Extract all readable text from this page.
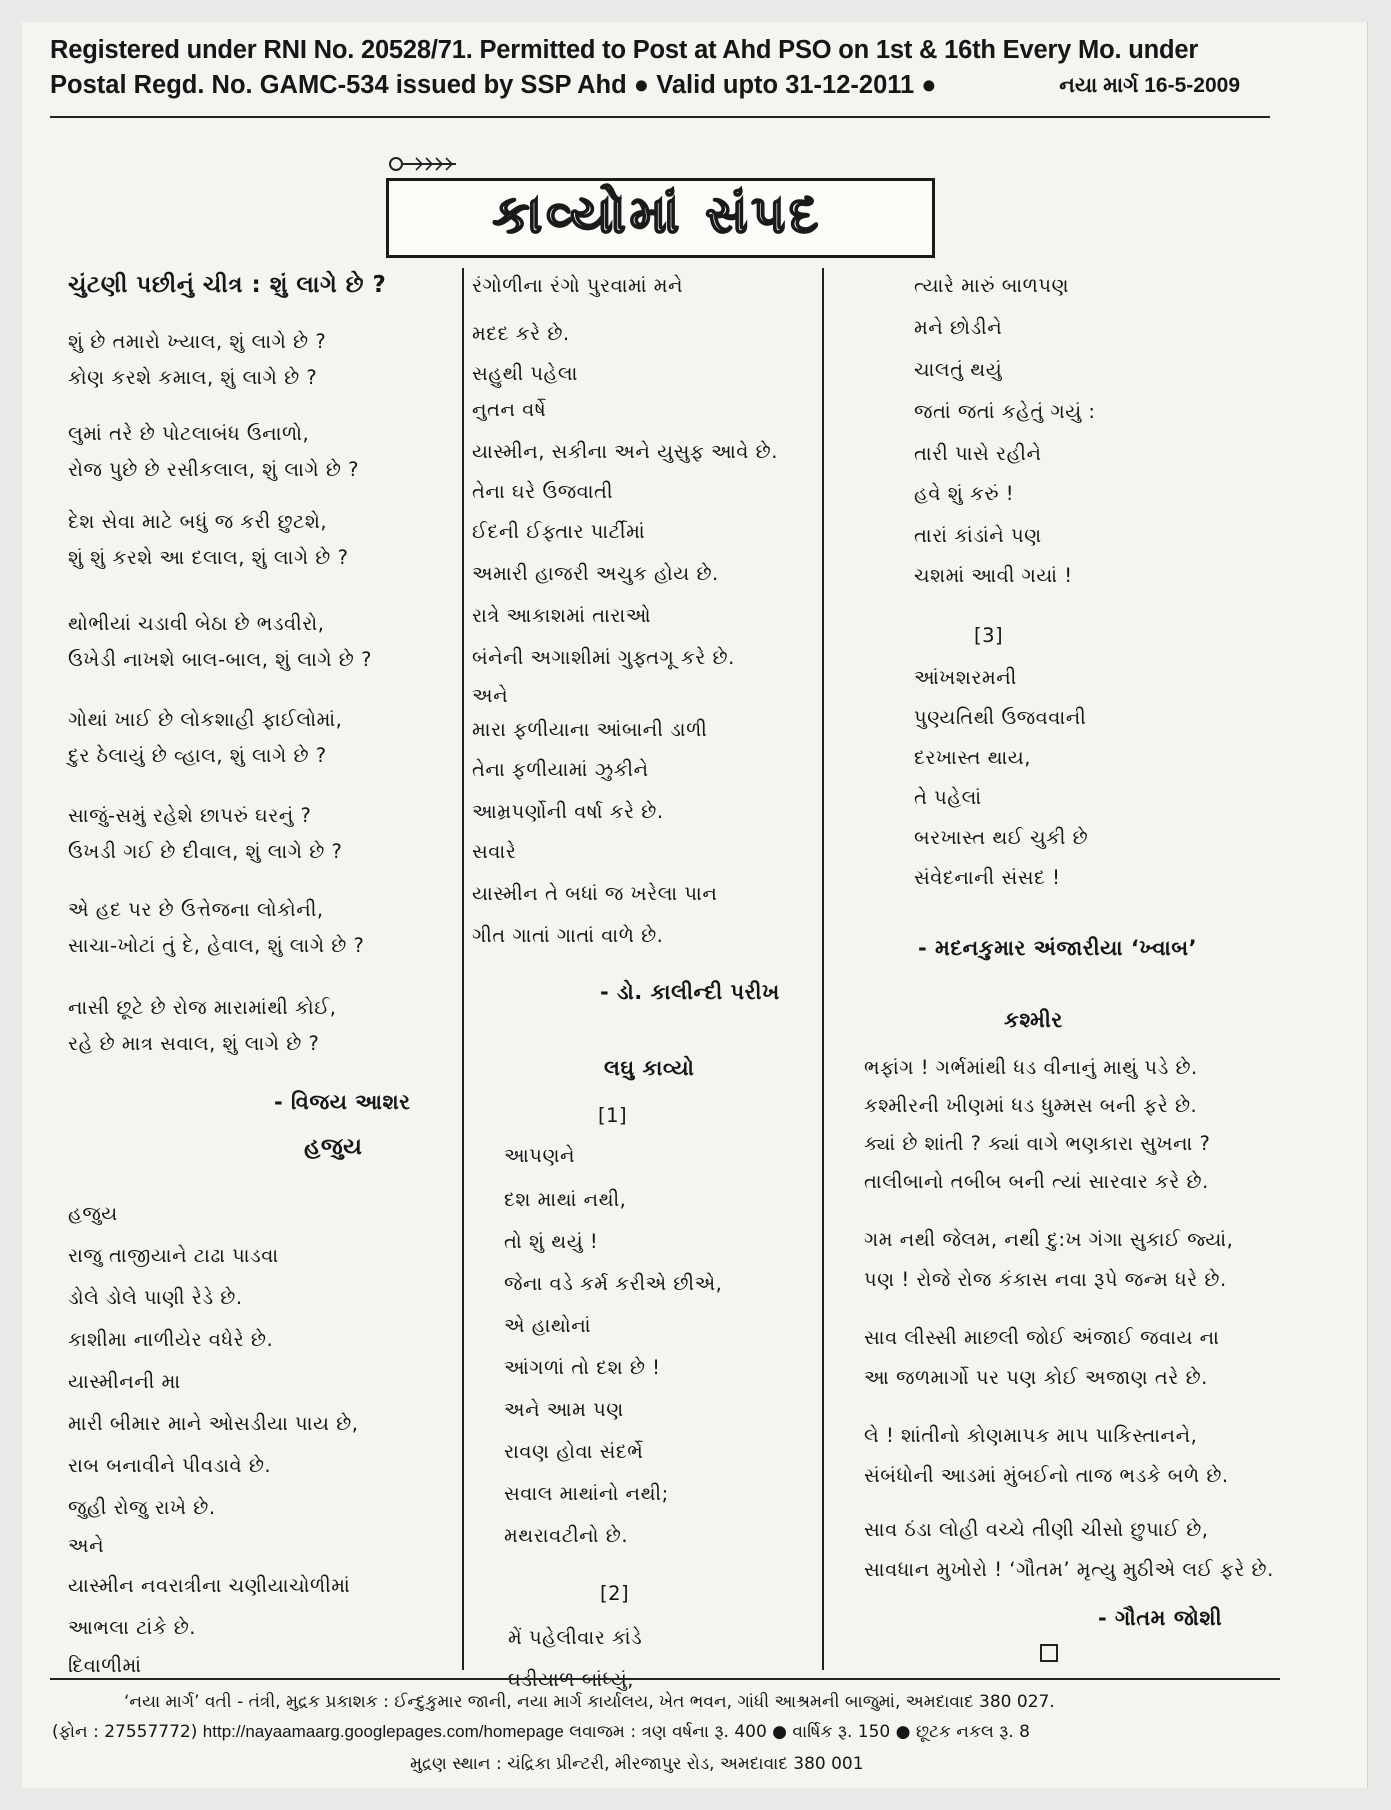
Registered under RNI No. 20528/71. Permitted to Post at Ahd PSO on 1st & 16th Every Mo. under
Postal Regd. No. GAMC-534 issued by SSP Ahd ● Valid upto 31-12-2011 ●	નયા માર્ગ 16-5-2009
કાવ્યોમાં સંપદ
ચુંટણી પછીનું ચીત્ર : શું લાગે છે ?
શું છે તમારો ખ્યાલ, શું લાગે છે ?
કોણ કરશે કમાલ, શું લાગે છે ?
લુમાં તરે છે પોટલાબંધ ઉનાળો,
રોજ પુછે છે રસીકલાલ, શું લાગે છે ?
દેશ સેવા માટે બધું જ કરી છુટશે,
શું શું કરશે આ દલાલ, શું લાગે છે ?
થોભીયાં ચડાવી બેઠા છે ભડવીરો,
ઉખેડી નાખશે બાલ-બાલ, શું લાગે છે ?
ગોથાં ખાઈ છે લોકશાહી ફાઈલોમાં,
દુર ઠેલાયું છે વ્હાલ, શું લાગે છે ?
સાજું-સમું રહેશે છાપરું ઘરનું ?
ઉખડી ગઈ છે દીવાલ, શું લાગે છે ?
એ હદ પર છે ઉત્તેજના લોકોની,
સાચા-ખોટાં તું દે, હેવાલ, શું લાગે છે ?
નાસી છૂટે છે રોજ મારામાંથી કોઈ,
રહે છે માત્ર સવાલ, શું લાગે છે ?
- વિજય આશર
હજુય
હજુય
રાજુ તાજીયાને ટાઢા પાડવા
ડોલે ડોલે પાણી રેડે છે.
કાશીમા નાળીયેર વધેરે છે.
યાસ્મીનની મા
મારી બીમાર માને ઓસડીયા પાય છે,
રાબ બનાવીને પીવડાવે છે.
જુહી રોજુ રાખે છે.
અને
યાસ્મીન નવરાત્રીના ચણીયાચોળીમાં
આભલા ટાંકે છે.
દિવાળીમાં
રંગોળીના રંગો પુરવામાં મને
મદદ કરે છે.
સહુથી પહેલા
નુતન વર્ષે
યાસ્મીન, સકીના અને યુસુફ આવે છે.
તેના ઘરે ઉજવાતી
ઈદની ઈફ્તાર પાર્ટીમાં
અમારી હાજરી અચુક હોય છે.
રાત્રે આકાશમાં તારાઓ
બંનેની અગાશીમાં ગુફ્તગૂ કરે છે.
અને
મારા ફળીયાના આંબાની ડાળી
તેના ફળીયામાં ઝુકીને
આમ્રપર્ણોની વર્ષા કરે છે.
સવારે
યાસ્મીન તે બધાં જ ખરેલા પાન
ગીત ગાતાં ગાતાં વાળે છે.
- ડો. કાલીન્દી પરીખ
લઘુ કાવ્યો
[1]
આપણને
દશ માથાં નથી,
તો શું થયું !
જેના વડે કર્મ કરીએ છીએ,
એ હાથોનાં
આંગળાં તો દશ છે !
અને આમ પણ
રાવણ હોવા સંદર્ભે
સવાલ માથાંનો નથી;
મથરાવટીનો છે.
[2]
મેં પહેલીવાર કાંડે
ઘડીયાળ બાંધ્યું,
ત્યારે મારું બાળપણ
મને છોડીને
ચાલતું થયું
જતાં જતાં કહેતું ગયું :
તારી પાસે રહીને
હવે શું કરું !
તારાં કાંડાંને પણ
ચશમાં આવી ગયાં !
[3]
આંખશરમની
પુણ્યતિથી ઉજવવાની
દરખાસ્ત થાય,
તે પહેલાં
બરખાસ્ત થઈ ચુકી છે
સંવેદનાની સંસદ !
- મદનકુમાર અંજારીયા ‘ખ્વાબ’
કશ્મીર
ભફાંગ ! ગર્ભમાંથી ધડ વીનાનું માથું પડે છે.
કશ્મીરની ખીણમાં ધડ ધુમ્મસ બની ફરે છે.
ક્યાં છે શાંતી ? ક્યાં વાગે ભણકારા સુખના ?
તાલીબાનો તબીબ બની ત્યાં સારવાર કરે છે.
ગમ નથી જેલમ, નથી દુ:ખ ગંગા સુકાઈ જ્યાં,
પણ ! રોજે રોજ કંકાસ નવા રૂપે જન્મ ધરે છે.
સાવ લીસ્સી માછલી જોઈ અંજાઈ જવાય ના
આ જળમાર્ગો પર પણ કોઈ અજાણ તરે છે.
લે ! શાંતીનો કોણમાપક માપ પાકિસ્તાનને,
સંબંધોની આડમાં મુંબઈનો તાજ ભડકે બળે છે.
સાવ ઠંડા લોહી વચ્ચે તીણી ચીસો છુપાઈ છે,
સાવધાન મુખોરો ! ‘ગૌતમ’ મૃત્યુ મુઠીએ લઈ ફરે છે.
- ગૌતમ જોશી
‘નયા માર્ગ’ વતી - તંત્રી, મુદ્રક પ્રકાશક : ઈન્દુકુમાર જાની, નયા માર્ગ કાર્યાલય, ખેત ભવન, ગાંધી આશ્રમની બાજુમાં, અમદાવાદ 380 027.
(ફોન : 27557772) http://nayaamaarg.googlepages.com/homepage લવાજમ : ત્રણ વર્ષના રૂ. 400 ● વાર્ષિક રૂ. 150 ● છૂટક નકલ રૂ. 8
મુદ્રણ સ્થાન : ચંદ્રિકા પ્રીન્ટરી, મીરજાપુર રોડ, અમદાવાદ 380 001
